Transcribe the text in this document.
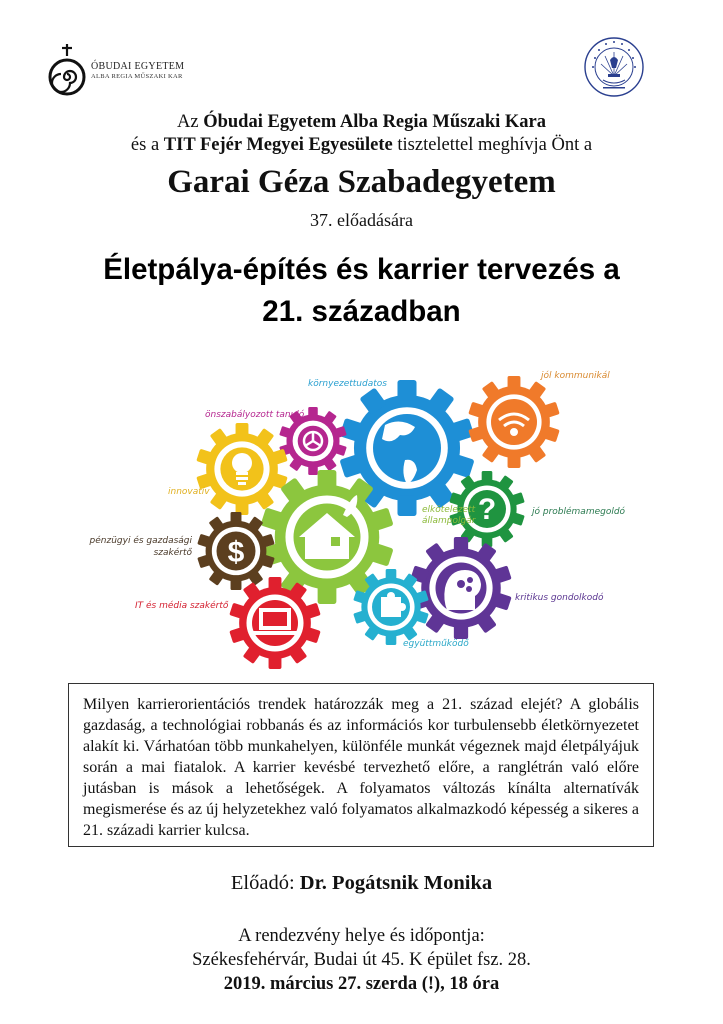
ÓBUDAI EGYETEM
ALBA REGIA MŰSZAKI KAR
Az Óbudai Egyetem Alba Regia Műszaki Kara
és a TIT Fejér Megyei Egyesülete tisztelettel meghívja Önt a
Garai Géza Szabadegyetem
37. előadására
Életpálya-építés és karrier tervezés a
21. században
?
$
környezettudatos
jól kommunikál
önszabályozott tanuló
innovatív
elkötelezett állampolgár
jó problémamegoldó
pénzügyi és gazdasági szakértő
kritikus gondolkodó
IT és média szakértő
együttműködő
Milyen karrierorientációs trendek határozzák meg a 21. század elejét? A globális gazdaság, a technológiai robbanás és az információs kor turbulensebb életkörnyezetet alakít ki. Várhatóan több munkahelyen, különféle munkát végeznek majd életpályájuk során a mai fiatalok. A karrier kevésbé tervezhető előre, a ranglétrán való előre jutásban is mások a lehetőségek. A folyamatos változás kínálta alternatívák megismerése és az új helyzetekhez való folyamatos alkalmazkodó képesség a sikeres a 21. századi karrier kulcsa.
Előadó: Dr. Pogátsnik Monika
A rendezvény helye és időpontja:
Székesfehérvár, Budai út 45. K épület fsz. 28.
2019. március 27. szerda (!), 18 óra
